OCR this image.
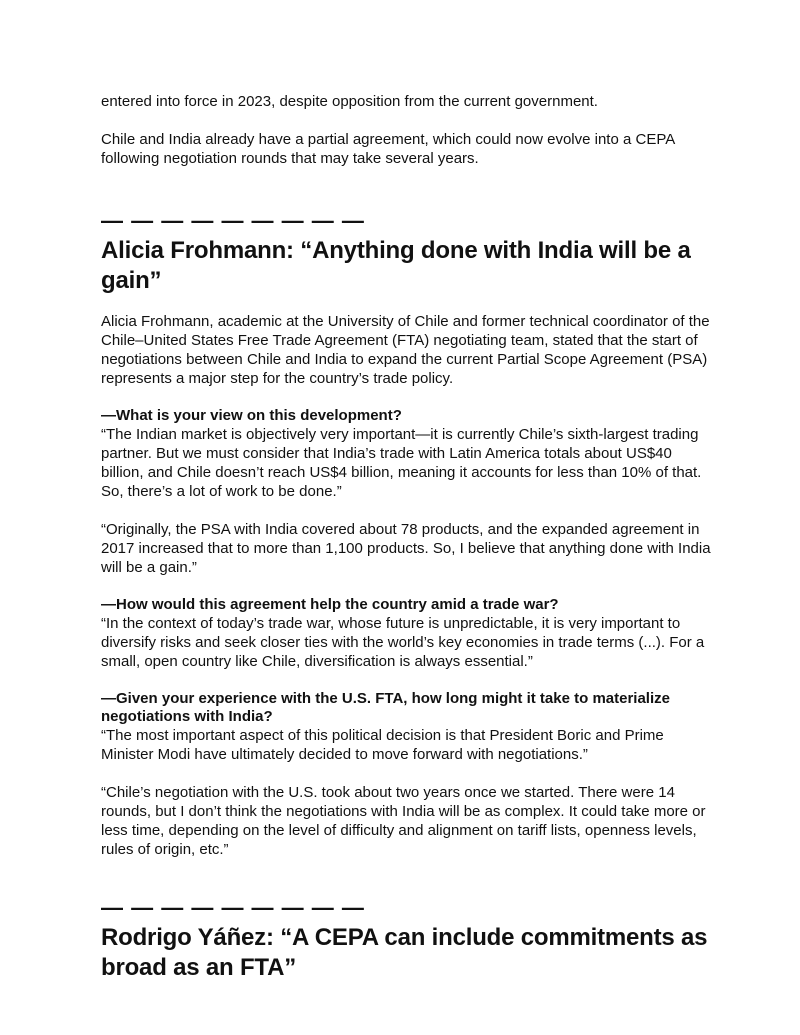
entered into force in 2023, despite opposition from the current government.

Chile and India already have a partial agreement, which could now evolve into a CEPA following negotiation rounds that may take several years.

— — — — — — — — —
Alicia Frohmann: “Anything done with India will be a gain”

Alicia Frohmann, academic at the University of Chile and former technical coordinator of the Chile–United States Free Trade Agreement (FTA) negotiating team, stated that the start of negotiations between Chile and India to expand the current Partial Scope Agreement (PSA) represents a major step for the country’s trade policy.

—What is your view on this development?

“The Indian market is objectively very important—it is currently Chile’s sixth-largest trading partner. But we must consider that India’s trade with Latin America totals about US$40 billion, and Chile doesn’t reach US$4 billion, meaning it accounts for less than 10% of that. So, there’s a lot of work to be done.”

“Originally, the PSA with India covered about 78 products, and the expanded agreement in 2017 increased that to more than 1,100 products. So, I believe that anything done with India will be a gain.”

—How would this agreement help the country amid a trade war?

“In the context of today’s trade war, whose future is unpredictable, it is very important to diversify risks and seek closer ties with the world’s key economies in trade terms (...). For a small, open country like Chile, diversification is always essential.”

—Given your experience with the U.S. FTA, how long might it take to materialize negotiations with India?

“The most important aspect of this political decision is that President Boric and Prime Minister Modi have ultimately decided to move forward with negotiations.”

“Chile’s negotiation with the U.S. took about two years once we started. There were 14 rounds, but I don’t think the negotiations with India will be as complex. It could take more or less time, depending on the level of difficulty and alignment on tariff lists, openness levels, rules of origin, etc.”

— — — — — — — — —
Rodrigo Yáñez: “A CEPA can include commitments as broad as an FTA”
